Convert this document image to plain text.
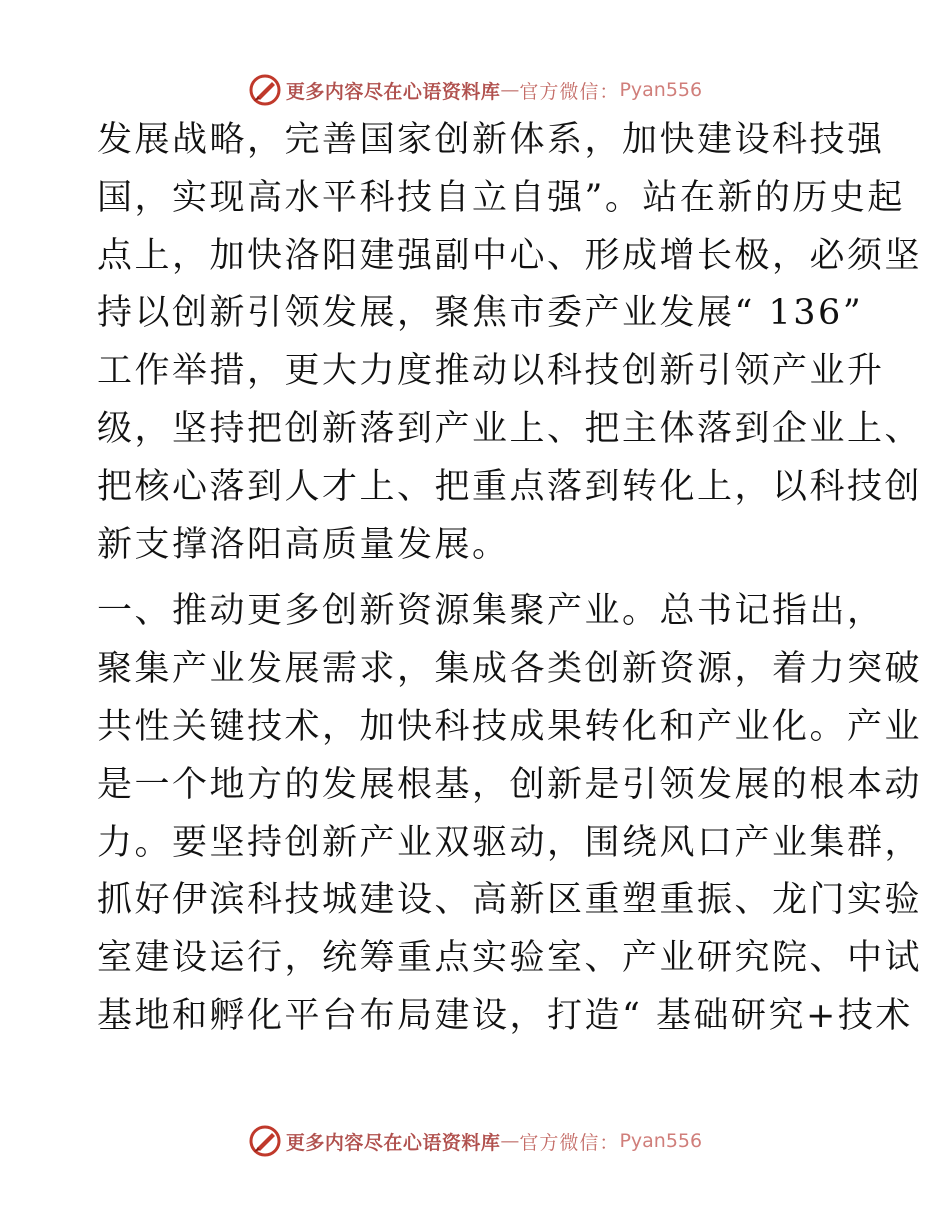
更多内容尽在心语资料库 — 官方微信： Pyan556

发展战略，完善国家创新体系，加快建设科技强
国，实现高水平科技自立自强”。站在新的历史起
点上，加快洛阳建强副中心、形成增长极，必须坚
持以创新引领发展，聚焦市委产业发展“ 136”
工作举措，更大力度推动以科技创新引领产业升
级，坚持把创新落到产业上、把主体落到企业上、
把核心落到人才上、把重点落到转化上，以科技创
新支撑洛阳高质量发展。

一、推动更多创新资源集聚产业。总书记指出，
聚集产业发展需求，集成各类创新资源，着力突破
共性关键技术，加快科技成果转化和产业化。产业
是一个地方的发展根基，创新是引领发展的根本动
力。要坚持创新产业双驱动，围绕风口产业集群，
抓好伊滨科技城建设、高新区重塑重振、龙门实验
室建设运行，统筹重点实验室、产业研究院、中试
基地和孵化平台布局建设，打造“ 基础研究+技术

更多内容尽在心语资料库 — 官方微信： Pyan556
